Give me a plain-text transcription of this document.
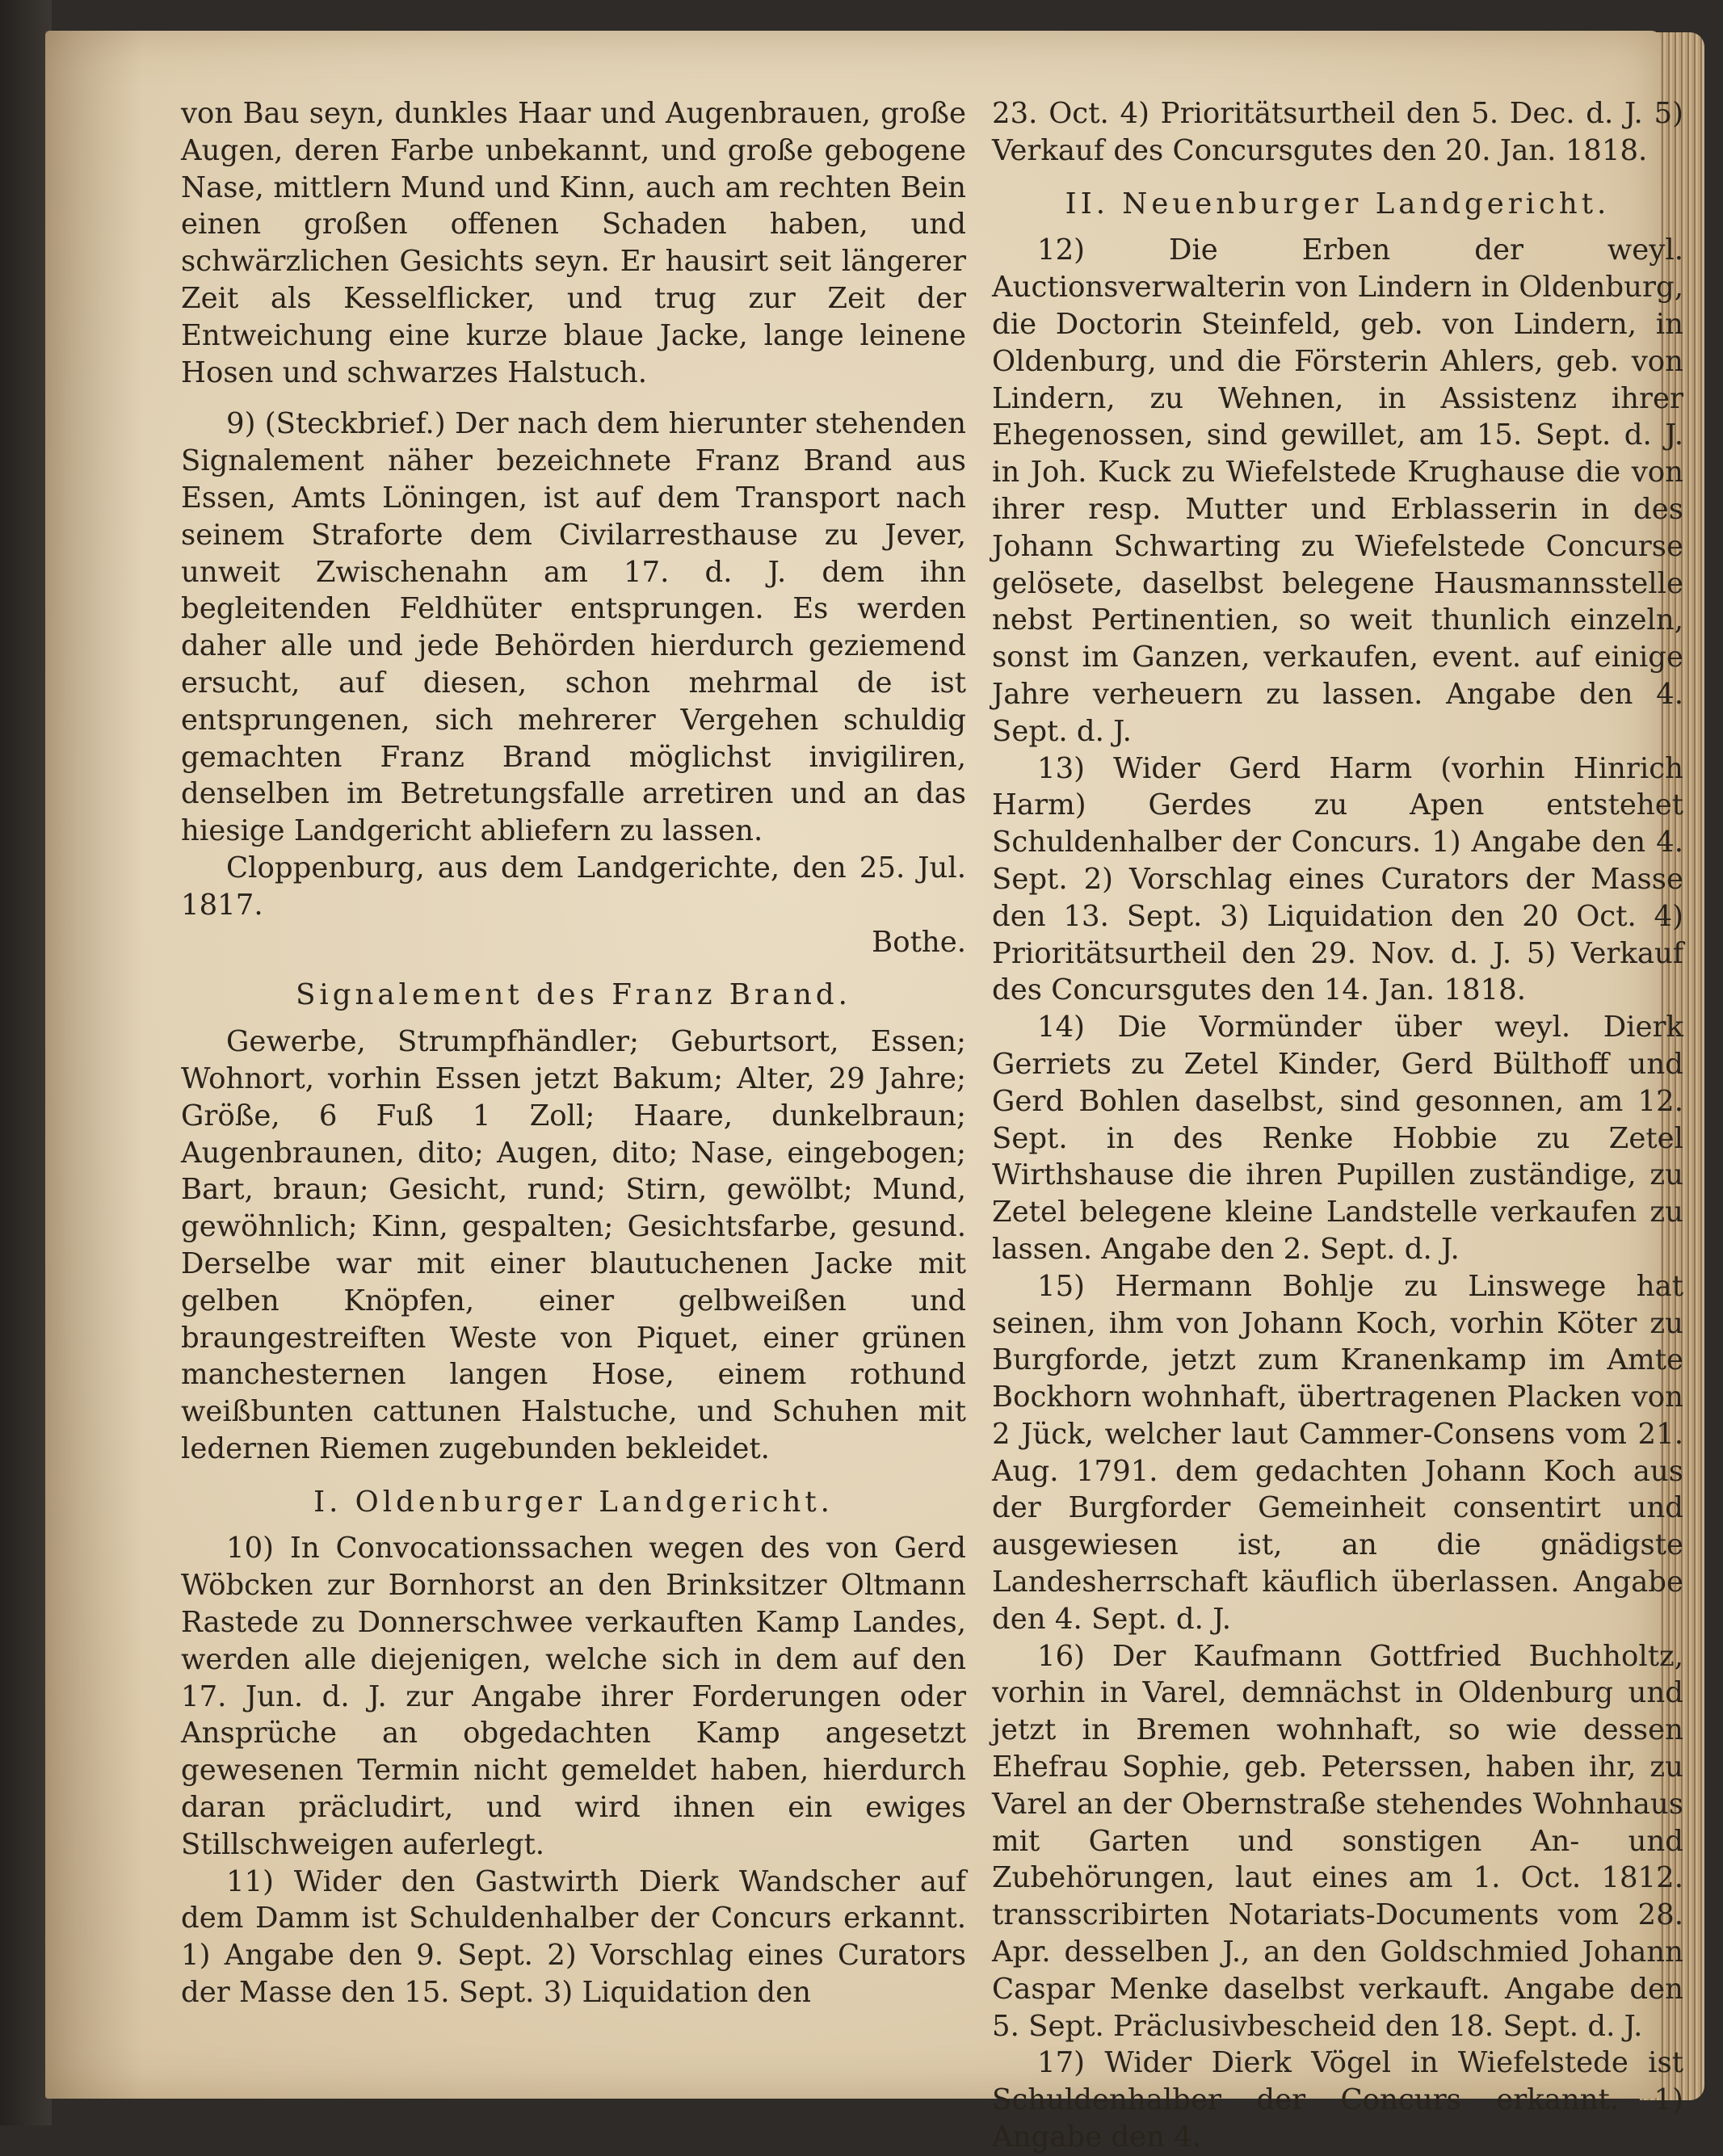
von Bau seyn, dunkles Haar und Augenbrauen, große Augen, deren Farbe unbekannt, und große gebogene Nase, mittlern Mund und Kinn, auch am rechten Bein einen großen offenen Schaden haben, und schwärzlichen Gesichts seyn. Er hausirt seit längerer Zeit als Kesselflicker, und trug zur Zeit der Entweichung eine kurze blaue Jacke, lange leinene Hosen und schwarzes Halstuch.

9) (Steckbrief.) Der nach dem hierunter stehenden Signalement näher bezeichnete Franz Brand aus Essen, Amts Löningen, ist auf dem Transport nach seinem Strafortе dem Civilarresthause zu Jever, unweit Zwischenahn am 17. d. J. dem ihn begleitenden Feldhüter entsprungen. Es werden daher alle und jede Behörden hierdurch geziemend ersucht, auf diesen, schon mehrmal de ist entsprungenen, sich mehrerer Vergehen schuldig gemachten Franz Brand möglichst invigiliren, denselben im Betretungsfalle arretiren und an das hiesige Landgericht abliefern zu lassen.

Cloppenburg, aus dem Landgerichte, den 25. Jul. 1817.

Bothe.

Signalement des Franz Brand.

Gewerbe, Strumpfhändler; Geburtsort, Essen; Wohnort, vorhin Essen jetzt Bakum; Alter, 29 Jahre; Größe, 6 Fuß 1 Zoll; Haare, dunkelbraun; Augenbraunen, dito; Augen, dito; Nase, eingebogen; Bart, braun; Gesicht, rund; Stirn, gewölbt; Mund, gewöhnlich; Kinn, gespalten; Gesichtsfarbe, gesund. Derselbe war mit einer blautuchenen Jacke mit gelben Knöpfen, einer gelbweißen und braungestreiften Weste von Piquet, einer grünen manchesternen langen Hose, einem rothund weißbunten cattunen Halstuche, und Schuhen mit ledernen Riemen zugebunden bekleidet.

I. Oldenburger Landgericht.

10) In Convocationssachen wegen des von Gerd Wöbcken zur Bornhorst an den Brinksitzer Oltmann Rastede zu Donnerschwee verkauften Kamp Landes, werden alle diejenigen, welche sich in dem auf den 17. Jun. d. J. zur Angabe ihrer Forderungen oder Ansprüche an obgedachten Kamp angesetzt gewesenen Termin nicht gemeldet haben, hierdurch daran präcludirt, und wird ihnen ein ewiges Stillschweigen auferlegt.

11) Wider den Gastwirth Dierk Wandscher auf dem Damm ist Schuldenhalber der Concurs erkannt. 1) Angabe den 9. Sept. 2) Vorschlag eines Curators der Masse den 15. Sept. 3) Liquidation den

23. Oct. 4) Prioritätsurtheil den 5. Dec. d. J. 5) Verkauf des Concursgutes den 20. Jan. 1818.

II. Neuenburger Landgericht.

12) Die Erben der weyl. Auctionsverwalterin von Lindern in Oldenburg, die Doctorin Steinfeld, geb. von Lindern, in Oldenburg, und die Försterin Ahlers, geb. von Lindern, zu Wehnen, in Assistenz ihrer Ehegenossen, sind gewillet, am 15. Sept. d. J. in Joh. Kuck zu Wiefelstede Krughause die von ihrer resp. Mutter und Erblasserin in des Johann Schwarting zu Wiefelstede Concurse gelösete, daselbst belegene Hausmannsstelle nebst Pertinentien, so weit thunlich einzeln, sonst im Ganzen, verkaufen, event. auf einige Jahre verheuern zu lassen. Angabe den 4. Sept. d. J.

13) Wider Gerd Harm (vorhin Hinrich Harm) Gerdes zu Apen entstehet Schuldenhalber der Concurs. 1) Angabe den 4. Sept. 2) Vorschlag eines Curators der Masse den 13. Sept. 3) Liquidation den 20 Oct. 4) Prioritätsurtheil den 29. Nov. d. J. 5) Verkauf des Concursgutes den 14. Jan. 1818.

14) Die Vormünder über weyl. Dierk Gerriets zu Zetel Kinder, Gerd Bülthoff und Gerd Bohlen daselbst, sind gesonnen, am 12. Sept. in des Renke Hobbie zu Zetel Wirthshause die ihren Pupillen zuständige, zu Zetel belegene kleine Landstelle verkaufen zu lassen. Angabe den 2. Sept. d. J.

15) Hermann Bohlje zu Linswege hat seinen, ihm von Johann Koch, vorhin Köter zu Burgforde, jetzt zum Kranenkamp im Amte Bockhorn wohnhaft, übertragenen Placken von 2 Jück, welcher laut Cammer-Consens vom 21. Aug. 1791. dem gedachten Johann Koch aus der Burgforder Gemeinheit consentirt und ausgewiesen ist, an die gnädigste Landesherrschaft käuflich überlassen. Angabe den 4. Sept. d. J.

16) Der Kaufmann Gottfried Buchholtz, vorhin in Varel, demnächst in Oldenburg und jetzt in Bremen wohnhaft, so wie dessen Ehefrau Sophie, geb. Peterssen, haben ihr, zu Varel an der Obernstraße stehendes Wohnhaus mit Garten und sonstigen An- und Zubehörungen, laut eines am 1. Oct. 1812. transscribirten Notariats-Documents vom 28. Apr. desselben J., an den Goldschmied Johann Caspar Menke daselbst verkauft. Angabe den 5. Sept. Präclusivbescheid den 18. Sept. d. J.

17) Wider Dierk Vögel in Wiefelstede ist Schuldenhalber der Concurs erkannt. 1) Angabe den 4.
